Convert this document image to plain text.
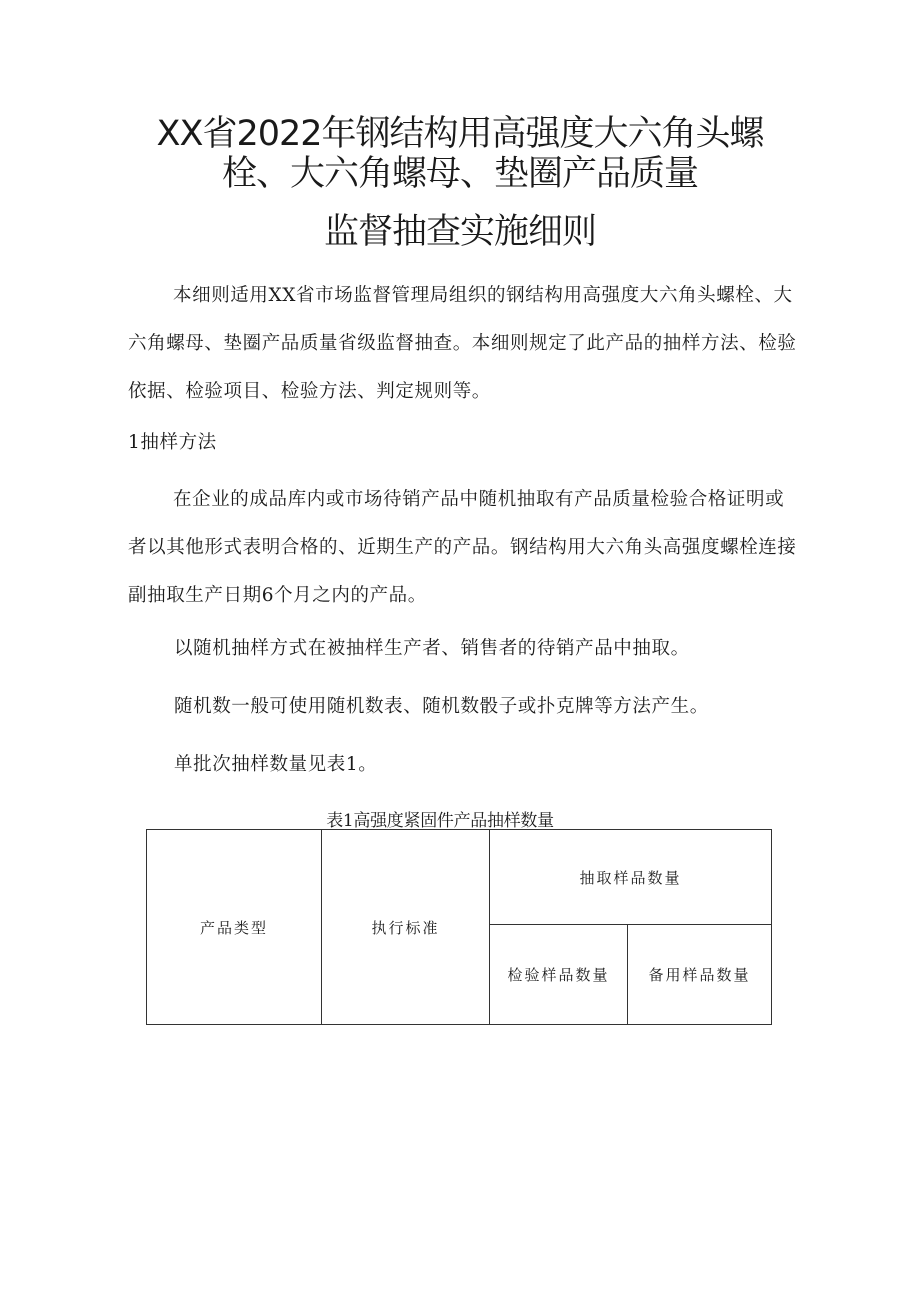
XX省2022年钢结构用高强度大六角头螺
栓、大六角螺母、垫圈产品质量
监督抽查实施细则

本细则适用XX省市场监督管理局组织的钢结构用高强度大六角头螺栓、大六角螺母、垫圈产品质量省级监督抽查。本细则规定了此产品的抽样方法、检验依据、检验项目、检验方法、判定规则等。

1抽样方法

在企业的成品库内或市场待销产品中随机抽取有产品质量检验合格证明或者以其他形式表明合格的、近期生产的产品。钢结构用大六角头高强度螺栓连接副抽取生产日期6个月之内的产品。

以随机抽样方式在被抽样生产者、销售者的待销产品中抽取。

随机数一般可使用随机数表、随机数骰子或扑克牌等方法产生。

单批次抽样数量见表1。

表1高强度紧固件产品抽样数量

产品类型	执行标准	抽取样品数量	
		检验样品数量	备用样品数量
